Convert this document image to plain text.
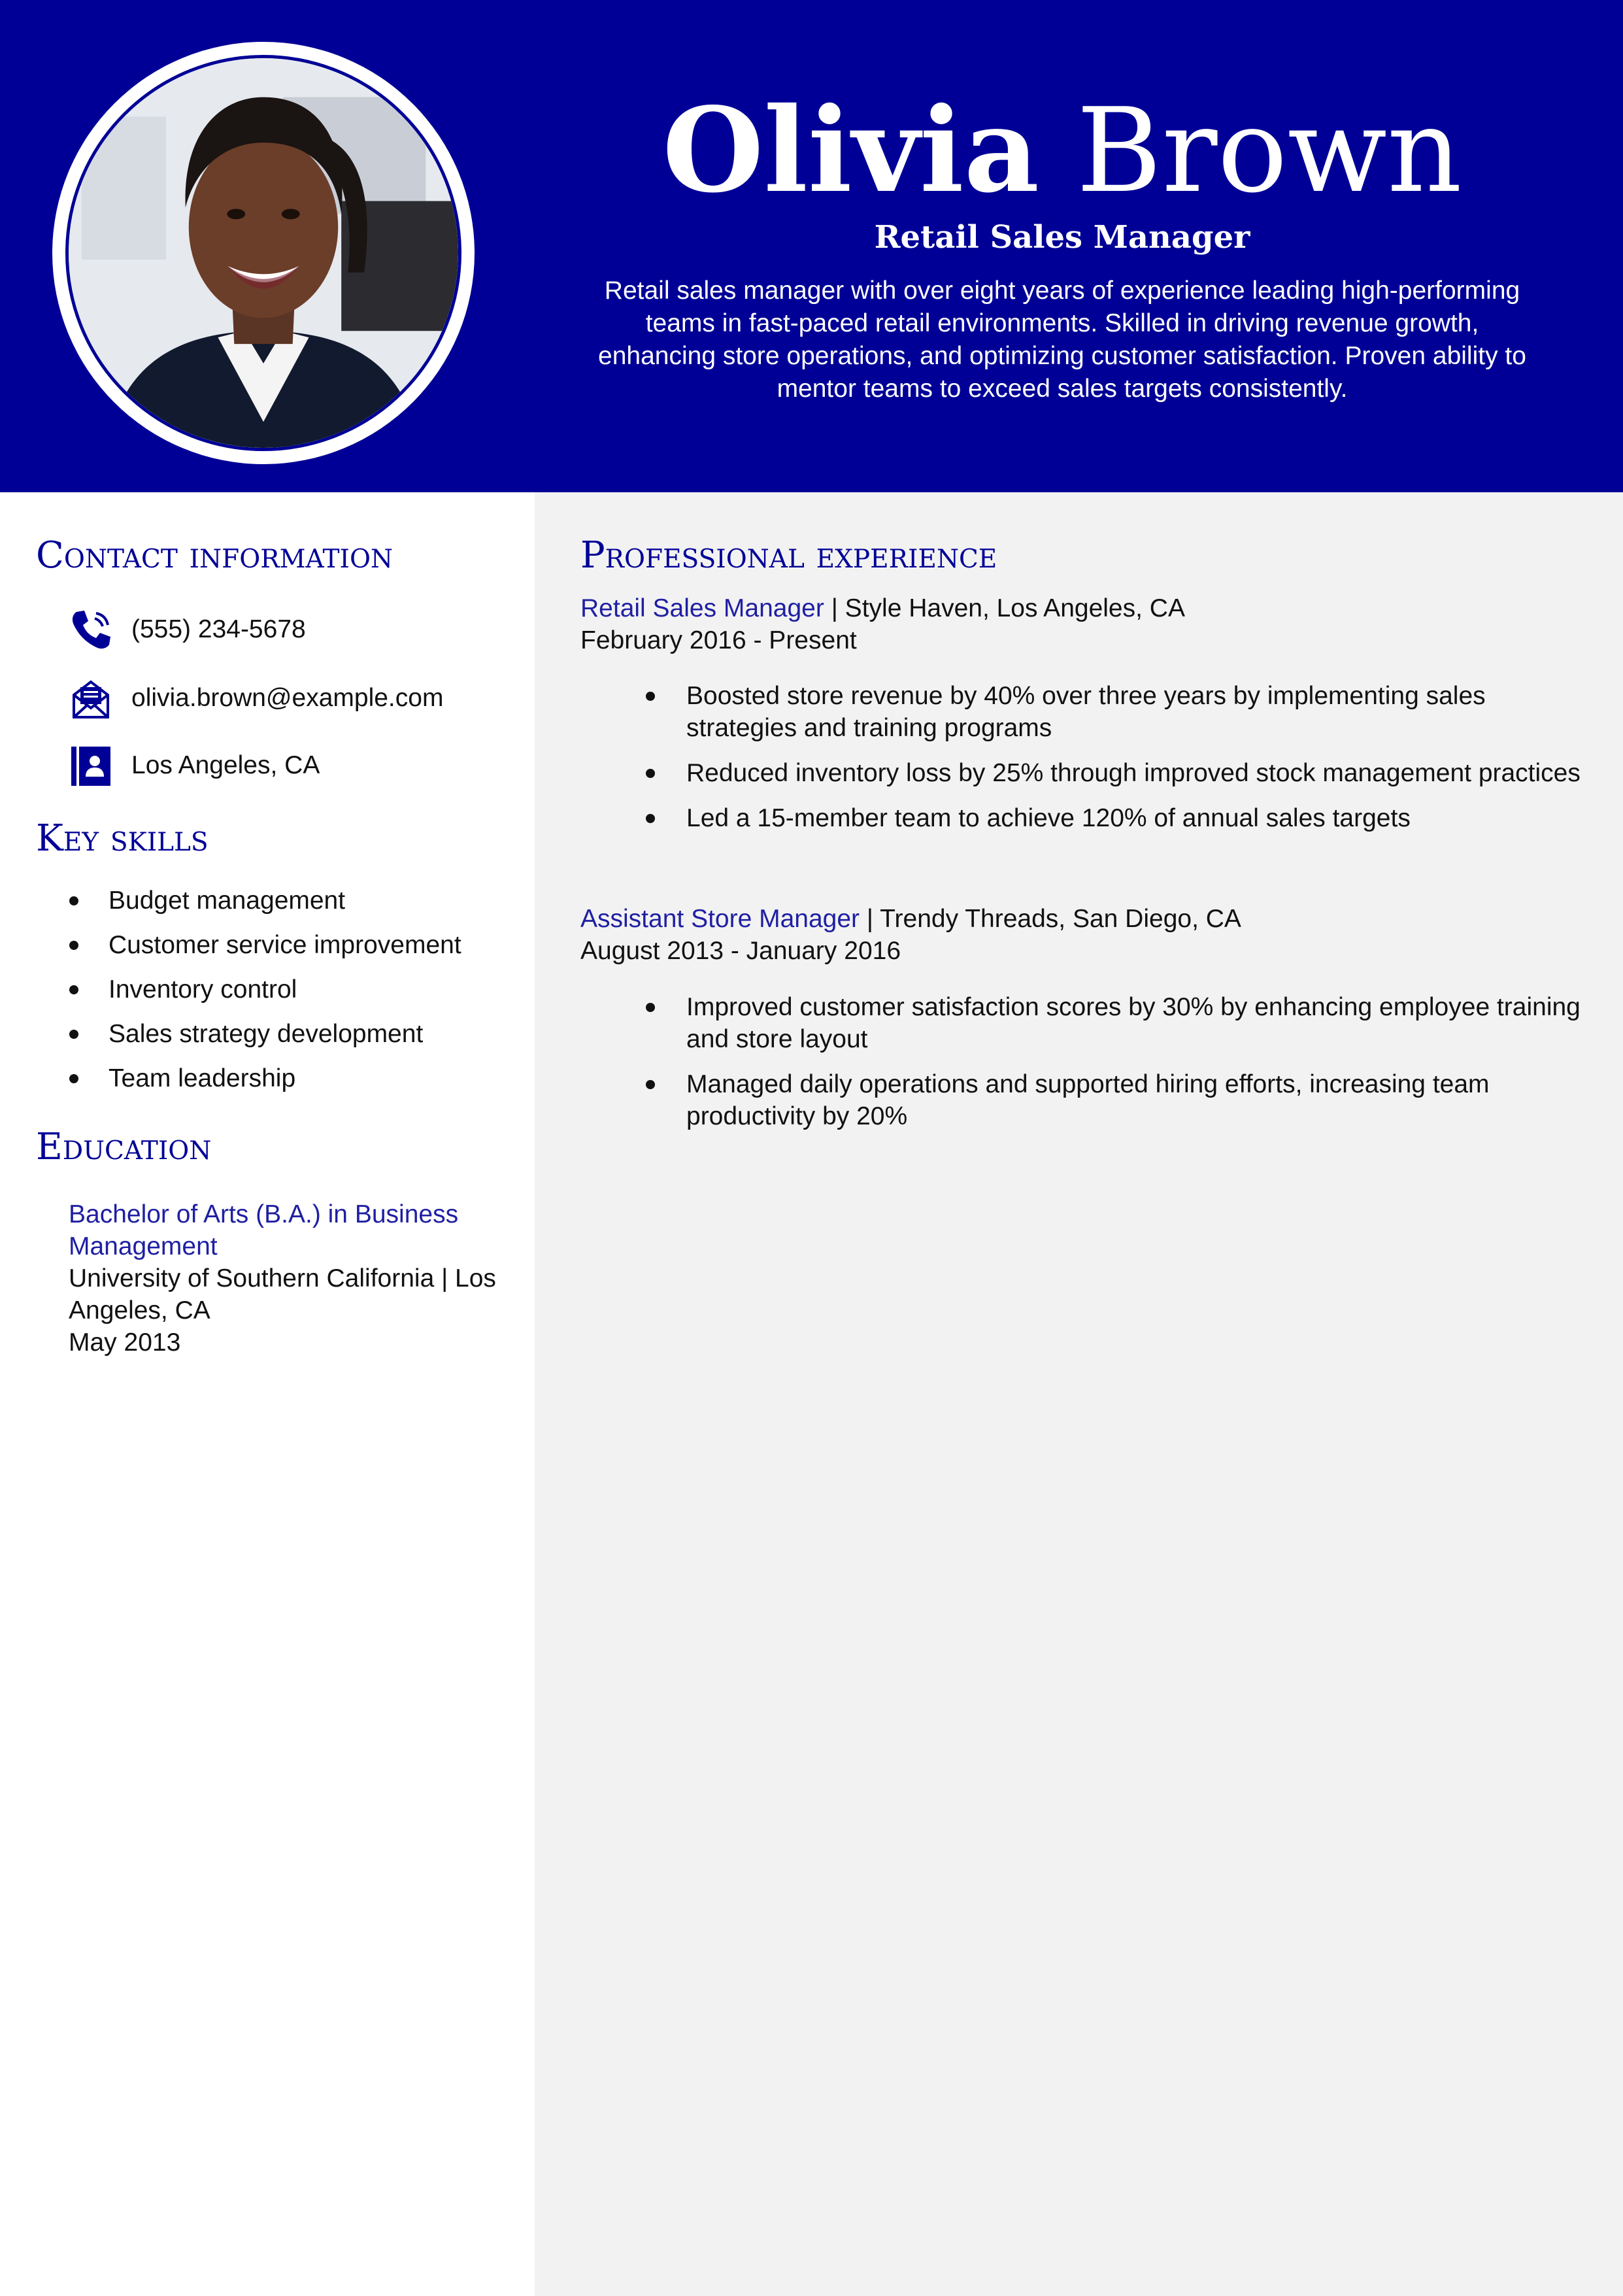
Olivia Brown
Retail Sales Manager
Retail sales manager with over eight years of experience leading high-performing teams in fast-paced retail environments. Skilled in driving revenue growth, enhancing store operations, and optimizing customer satisfaction. Proven ability to mentor teams to exceed sales targets consistently.
Contact information
(555) 234-5678
olivia.brown@example.com
Los Angeles, CA
Key skills
Budget management
Customer service improvement
Inventory control
Sales strategy development
Team leadership
Education
Bachelor of Arts (B.A.) in Business Management
University of Southern California | Los Angeles, CA
May 2013
Professional experience
Retail Sales Manager | Style Haven, Los Angeles, CA
February 2016 - Present
Boosted store revenue by 40% over three years by implementing sales strategies and training programs
Reduced inventory loss by 25% through improved stock management practices
Led a 15-member team to achieve 120% of annual sales targets
Assistant Store Manager | Trendy Threads, San Diego, CA
August 2013 - January 2016
Improved customer satisfaction scores by 30% by enhancing employee training and store layout
Managed daily operations and supported hiring efforts, increasing team productivity by 20%
